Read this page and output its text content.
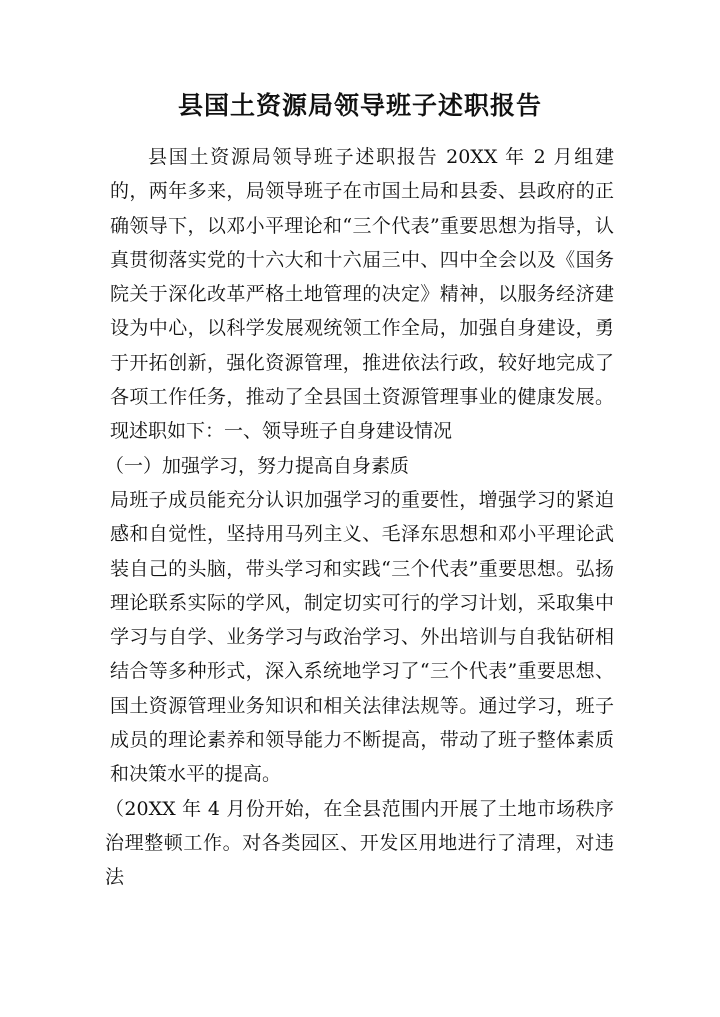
县国土资源局领导班子述职报告

县国土资源局领导班子述职报告 20XX 年 2 月组建的，两年多来，局领导班子在市国土局和县委、县政府的正确领导下，以邓小平理论和“三个代表”重要思想为指导，认真贯彻落实党的十六大和十六届三中、四中全会以及《国务院关于深化改革严格土地管理的决定》精神，以服务经济建设为中心，以科学发展观统领工作全局，加强自身建设，勇于开拓创新，强化资源管理，推进依法行政，较好地完成了各项工作任务，推动了全县国土资源管理事业的健康发展。现述职如下：一、领导班子自身建设情况

（一）加强学习，努力提高自身素质

局班子成员能充分认识加强学习的重要性，增强学习的紧迫感和自觉性，坚持用马列主义、毛泽东思想和邓小平理论武装自己的头脑，带头学习和实践“三个代表”重要思想。弘扬理论联系实际的学风，制定切实可行的学习计划，采取集中学习与自学、业务学习与政治学习、外出培训与自我钻研相结合等多种形式，深入系统地学习了“三个代表”重要思想、国土资源管理业务知识和相关法律法规等。通过学习，班子成员的理论素养和领导能力不断提高，带动了班子整体素质和决策水平的提高。

（20XX 年 4 月份开始，在全县范围内开展了土地市场秩序治理整顿工作。对各类园区、开发区用地进行了清理，对违法
